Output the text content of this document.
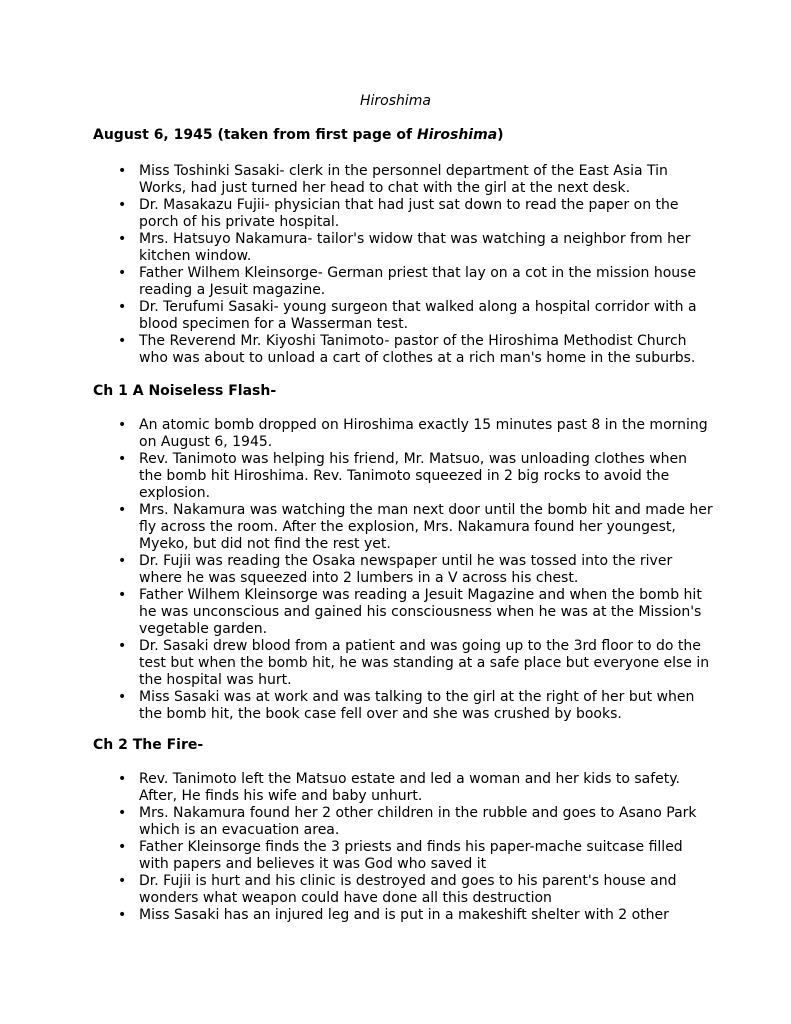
Hiroshima
August 6, 1945 (taken from first page of Hiroshima)
• Miss Toshinki Sasaki- clerk in the personnel department of the East Asia Tin Works, had just turned her head to chat with the girl at the next desk.
• Dr. Masakazu Fujii- physician that had just sat down to read the paper on the porch of his private hospital.
• Mrs. Hatsuyo Nakamura- tailor's widow that was watching a neighbor from her kitchen window.
• Father Wilhem Kleinsorge- German priest that lay on a cot in the mission house reading a Jesuit magazine.
• Dr. Terufumi Sasaki- young surgeon that walked along a hospital corridor with a blood specimen for a Wasserman test.
• The Reverend Mr. Kiyoshi Tanimoto- pastor of the Hiroshima Methodist Church who was about to unload a cart of clothes at a rich man's home in the suburbs.
Ch 1 A Noiseless Flash-
• An atomic bomb dropped on Hiroshima exactly 15 minutes past 8 in the morning on August 6, 1945.
• Rev. Tanimoto was helping his friend, Mr. Matsuo, was unloading clothes when the bomb hit Hiroshima. Rev. Tanimoto squeezed in 2 big rocks to avoid the explosion.
• Mrs. Nakamura was watching the man next door until the bomb hit and made her fly across the room. After the explosion, Mrs. Nakamura found her youngest, Myeko, but did not find the rest yet.
• Dr. Fujii was reading the Osaka newspaper until he was tossed into the river where he was squeezed into 2 lumbers in a V across his chest.
• Father Wilhem Kleinsorge was reading a Jesuit Magazine and when the bomb hit he was unconscious and gained his consciousness when he was at the Mission's vegetable garden.
• Dr. Sasaki drew blood from a patient and was going up to the 3rd floor to do the test but when the bomb hit, he was standing at a safe place but everyone else in the hospital was hurt.
• Miss Sasaki was at work and was talking to the girl at the right of her but when the bomb hit, the book case fell over and she was crushed by books.
Ch 2 The Fire-
• Rev. Tanimoto left the Matsuo estate and led a woman and her kids to safety. After, He finds his wife and baby unhurt.
• Mrs. Nakamura found her 2 other children in the rubble and goes to Asano Park which is an evacuation area.
• Father Kleinsorge finds the 3 priests and finds his paper-mache suitcase filled with papers and believes it was God who saved it
• Dr. Fujii is hurt and his clinic is destroyed and goes to his parent's house and wonders what weapon could have done all this destruction
• Miss Sasaki has an injured leg and is put in a makeshift shelter with 2 other
